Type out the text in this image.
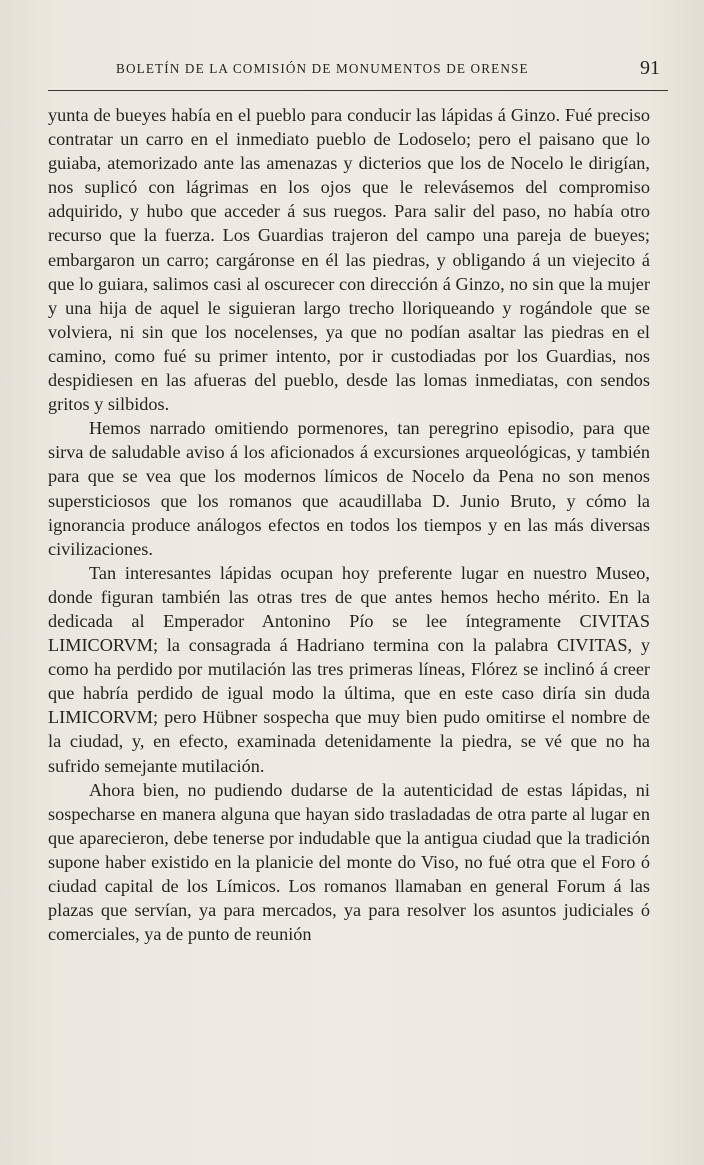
BOLETÍN DE LA COMISIÓN DE MONUMENTOS DE ORENSE	91

yunta de bueyes había en el pueblo para conducir las lápidas á Ginzo. Fué preciso contratar un carro en el inmediato pueblo de Lodoselo; pero el paisano que lo guiaba, atemorizado ante las amenazas y dicterios que los de Nocelo le dirigían, nos suplicó con lágrimas en los ojos que le relevásemos del compromiso adquirido, y hubo que acceder á sus ruegos. Para salir del paso, no había otro recurso que la fuerza. Los Guardias trajeron del campo una pareja de bueyes; embargaron un carro; cargáronse en él las piedras, y obligando á un viejecito á que lo guiara, salimos casi al oscurecer con dirección á Ginzo, no sin que la mujer y una hija de aquel le siguieran largo trecho lloriqueando y rogándole que se volviera, ni sin que los nocelenses, ya que no podían asaltar las piedras en el camino, como fué su primer intento, por ir custodiadas por los Guardias, nos despidiesen en las afueras del pueblo, desde las lomas inmediatas, con sendos gritos y silbidos.

Hemos narrado omitiendo pormenores, tan peregrino episodio, para que sirva de saludable aviso á los aficionados á excursiones arqueológicas, y también para que se vea que los modernos límicos de Nocelo da Pena no son menos supersticiosos que los romanos que acaudillaba D. Junio Bruto, y cómo la ignorancia produce análogos efectos en todos los tiempos y en las más diversas civilizaciones.

Tan interesantes lápidas ocupan hoy preferente lugar en nuestro Museo, donde figuran también las otras tres de que antes hemos hecho mérito. En la dedicada al Emperador Antonino Pío se lee íntegramente CIVITAS LIMICORVM; la consagrada á Hadriano termina con la palabra CIVITAS, y como ha perdido por mutilación las tres primeras líneas, Flórez se inclinó á creer que habría perdido de igual modo la última, que en este caso diría sin duda LIMICORVM; pero Hübner sospecha que muy bien pudo omitirse el nombre de la ciudad, y, en efecto, examinada detenidamente la piedra, se vé que no ha sufrido semejante mutilación.

Ahora bien, no pudiendo dudarse de la autenticidad de estas lápidas, ni sospecharse en manera alguna que hayan sido trasladadas de otra parte al lugar en que aparecieron, debe tenerse por indudable que la antigua ciudad que la tradición supone haber existido en la planicie del monte do Viso, no fué otra que el Foro ó ciudad capital de los Límicos. Los romanos llamaban en general Forum á las plazas que servían, ya para mercados, ya para resolver los asuntos judiciales ó comerciales, ya de punto de reunión
